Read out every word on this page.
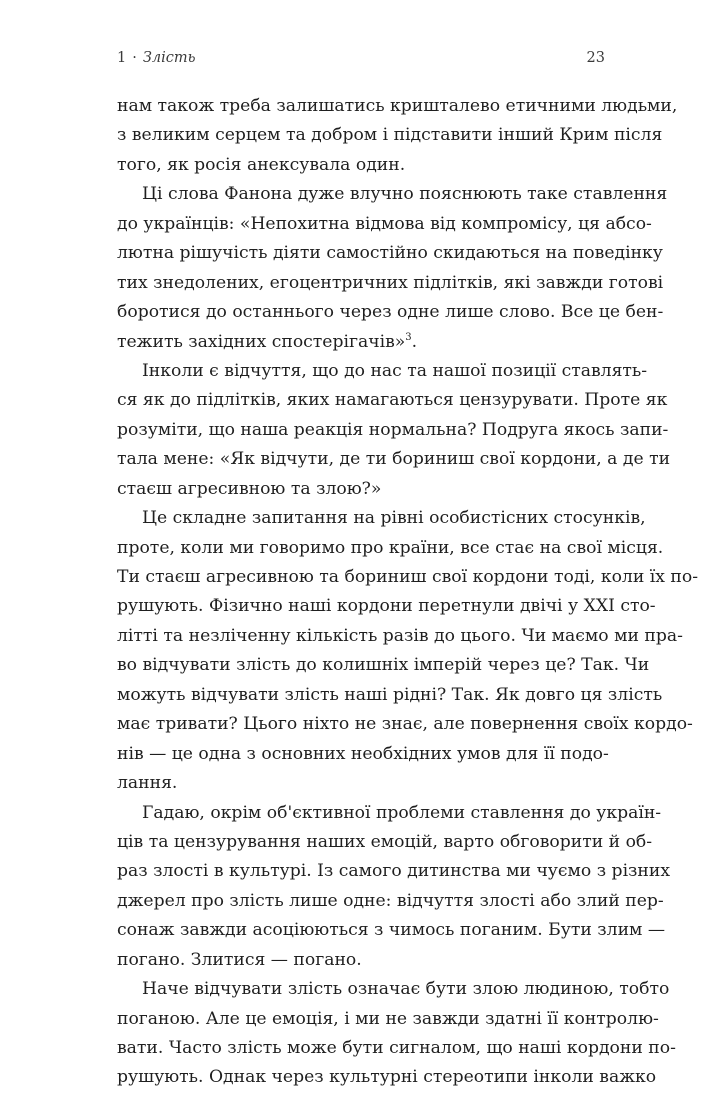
1 · Злість	23
нам також треба залишатись кришталево етичними людьми,
з великим серцем та добром і підставити інший Крим після
того, як росія анексувала один.
Ці слова Фанона дуже влучно пояснюють таке ставлення
до українців: «Непохитна відмова від компромісу, ця абсо-
лютна рішучість діяти самостійно скидаються на поведінку
тих знедолених, егоцентричних підлітків, які завжди готові
боротися до останнього через одне лише слово. Все це бен-
тежить західних спостерігачів»$^3$.
Інколи є відчуття, що до нас та нашої позиції ставлять-
ся як до підлітків, яких намагаються цензурувати. Проте як
розуміти, що наша реакція нормальна? Подруга якось запи-
тала мене: «Як відчути, де ти бориниш свої кордони, а де ти
стаєш агресивною та злою?»
Це складне запитання на рівні особистісних стосунків,
проте, коли ми говоримо про країни, все стає на свої місця.
Ти стаєш агресивною та бориниш свої кордони тоді, коли їх по-
рушують. Фізично наші кордони перетнули двічі у XXI сто-
літті та незліченну кількість разів до цього. Чи маємо ми пра-
во відчувати злість до колишніх імперій через це? Так. Чи
можуть відчувати злість наші рідні? Так. Як довго ця злість
має тривати? Цього ніхто не знає, але повернення своїх кордо-
нів — це одна з основних необхідних умов для її подо-
лання.
Гадаю, окрім об'єктивної проблеми ставлення до україн-
ців та цензурування наших емоцій, варто обговорити й об-
раз злості в культурі. Із самого дитинства ми чуємо з різних
джерел про злість лише одне: відчуття злості або злий пер-
сонаж завжди асоціюються з чимось поганим. Бути злим —
погано. Злитися — погано.
Наче відчувати злість означає бути злою людиною, тобто
поганою. Але це емоція, і ми не завжди здатні її контролю-
вати. Часто злість може бути сигналом, що наші кордони по-
рушують. Однак через культурні стереотипи інколи важко
